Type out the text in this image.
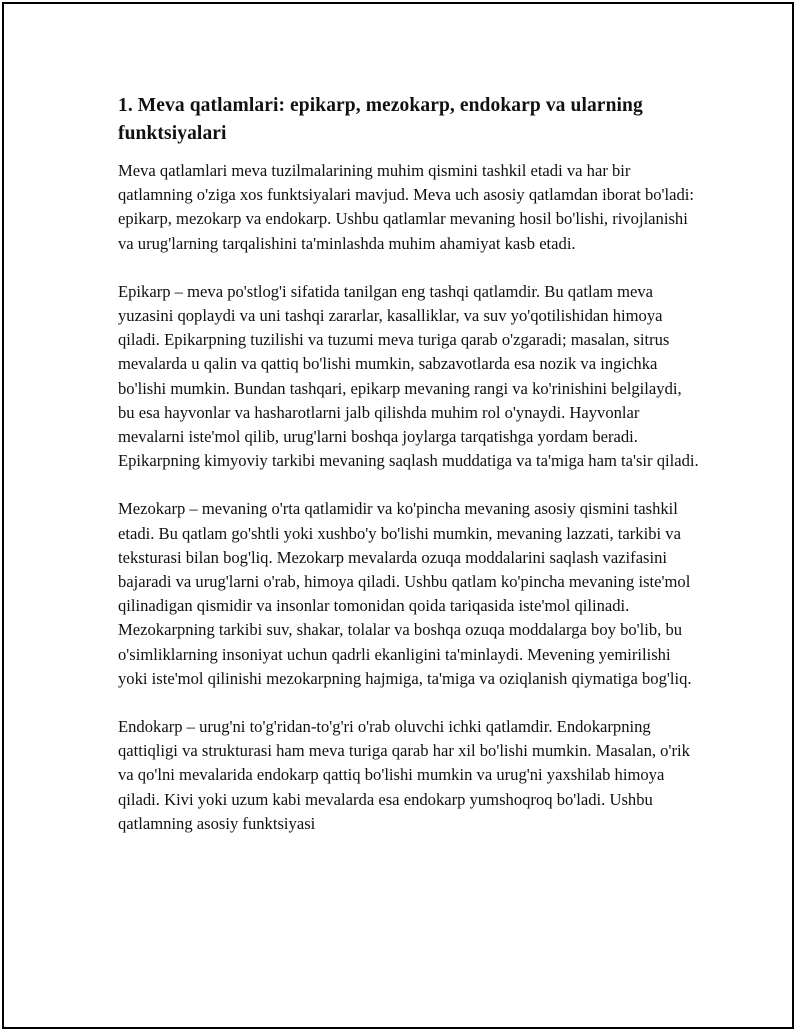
1. Meva qatlamlari: epikarp, mezokarp, endokarp va ularning funktsiyalari

Meva qatlamlari meva tuzilmalarining muhim qismini tashkil etadi va har bir qatlamning o'ziga xos funktsiyalari mavjud. Meva uch asosiy qatlamdan iborat bo'ladi: epikarp, mezokarp va endokarp. Ushbu qatlamlar mevaning hosil bo'lishi, rivojlanishi va urug'larning tarqalishini ta'minlashda muhim ahamiyat kasb etadi.

Epikarp – meva po'stlog'i sifatida tanilgan eng tashqi qatlamdir. Bu qatlam meva yuzasini qoplaydi va uni tashqi zararlar, kasalliklar, va suv yo'qotilishidan himoya qiladi. Epikarpning tuzilishi va tuzumi meva turiga qarab o'zgaradi; masalan, sitrus mevalarda u qalin va qattiq bo'lishi mumkin, sabzavotlarda esa nozik va ingichka bo'lishi mumkin. Bundan tashqari, epikarp mevaning rangi va ko'rinishini belgilaydi, bu esa hayvonlar va hasharotlarni jalb qilishda muhim rol o'ynaydi. Hayvonlar mevalarni iste'mol qilib, urug'larni boshqa joylarga tarqatishga yordam beradi. Epikarpning kimyoviy tarkibi mevaning saqlash muddatiga va ta'miga ham ta'sir qiladi.

Mezokarp – mevaning o'rta qatlamidir va ko'pincha mevaning asosiy qismini tashkil etadi. Bu qatlam go'shtli yoki xushbo'y bo'lishi mumkin, mevaning lazzati, tarkibi va teksturasi bilan bog'liq. Mezokarp mevalarda ozuqa moddalarini saqlash vazifasini bajaradi va urug'larni o'rab, himoya qiladi. Ushbu qatlam ko'pincha mevaning iste'mol qilinadigan qismidir va insonlar tomonidan qoida tariqasida iste'mol qilinadi. Mezokarpning tarkibi suv, shakar, tolalar va boshqa ozuqa moddalarga boy bo'lib, bu o'simliklarning insoniyat uchun qadrli ekanligini ta'minlaydi. Mevening yemirilishi yoki iste'mol qilinishi mezokarpning hajmiga, ta'miga va oziqlanish qiymatiga bog'liq.

Endokarp – urug'ni to'g'ridan-to'g'ri o'rab oluvchi ichki qatlamdir. Endokarpning qattiqligi va strukturasi ham meva turiga qarab har xil bo'lishi mumkin. Masalan, o'rik va qo'lni mevalarida endokarp qattiq bo'lishi mumkin va urug'ni yaxshilab himoya qiladi. Kivi yoki uzum kabi mevalarda esa endokarp yumshoqroq bo'ladi. Ushbu qatlamning asosiy funktsiyasi
